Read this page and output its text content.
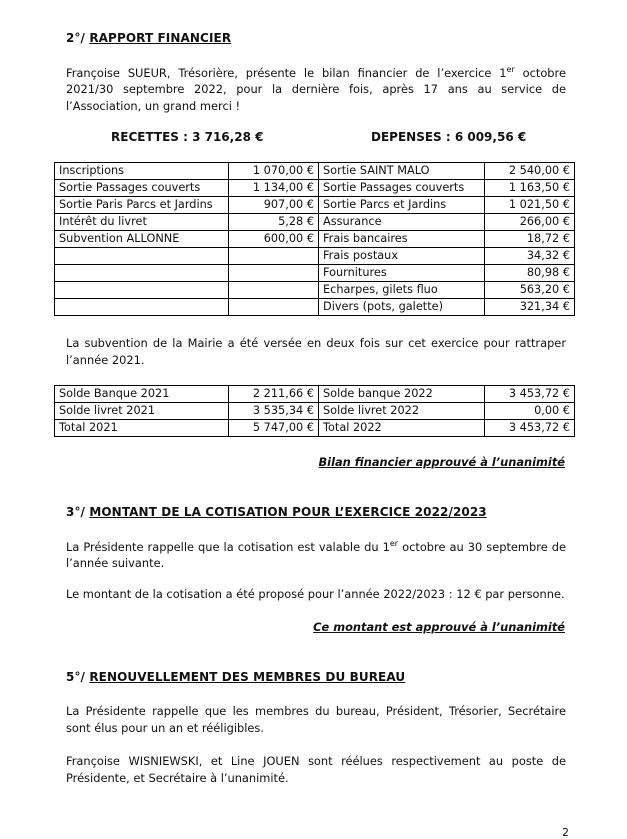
2°/ RAPPORT FINANCIER
Françoise SUEUR, Trésorière, présente le bilan financier de l’exercice 1er octobre 2021/30 septembre 2022, pour la dernière fois, après 17 ans au service de l’Association, un grand merci !
RECETTES : 3 716,28 €	DEPENSES : 6 009,56 €
Inscriptions	1 070,00 €	Sortie SAINT MALO	2 540,00 €
Sortie Passages couverts	1 134,00 €	Sortie Passages couverts	1 163,50 €
Sortie Paris Parcs et Jardins	907,00 €	Sortie Parcs et Jardins	1 021,50 €
Intérêt du livret	5,28 €	Assurance	266,00 €
Subvention ALLONNE	600,00 €	Frais bancaires	18,72 €
		Frais postaux	34,32 €
		Fournitures	80,98 €
		Echarpes, gilets fluo	563,20 €
		Divers (pots, galette)	321,34 €
La subvention de la Mairie a été versée en deux fois sur cet exercice pour rattraper l’année 2021.
Solde Banque 2021	2 211,66 €	Solde banque 2022	3 453,72 €
Solde livret 2021	3 535,34 €	Solde livret 2022	0,00 €
Total 2021	5 747,00 €	Total 2022	3 453,72 €
Bilan financier approuvé à l’unanimité
3°/ MONTANT DE LA COTISATION POUR L’EXERCICE 2022/2023
La Présidente rappelle que la cotisation est valable du 1er octobre au 30 septembre de l’année suivante.
Le montant de la cotisation a été proposé pour l’année 2022/2023 : 12 € par personne.
Ce montant est approuvé à l’unanimité
5°/ RENOUVELLEMENT DES MEMBRES DU BUREAU
La Présidente rappelle que les membres du bureau, Président, Trésorier, Secrétaire sont élus pour un an et rééligibles.
Françoise WISNIEWSKI, et Line JOUEN sont réélues respectivement au poste de Présidente, et Secrétaire à l’unanimité.
2
